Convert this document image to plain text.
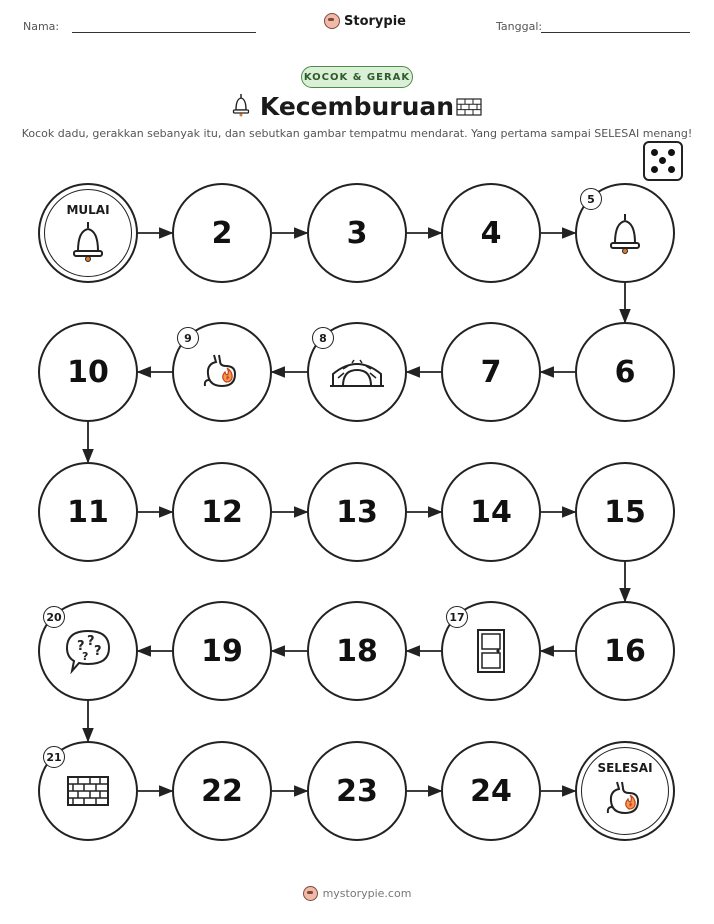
Nama:	Storypie	Tanggal:
KOCOK & GERAK
Kecemburuan
Kocok dadu, gerakkan sebanyak itu, dan sebutkan gambar tempatmu mendarat. Yang pertama sampai SELESAI menang!
MULAI
2	3	4
5
6
7
8
9
10
11	12	13	14	15
16
17
18
19
20
? ?
?
?
21
22	23	24
SELESAI
mystorypie.com
